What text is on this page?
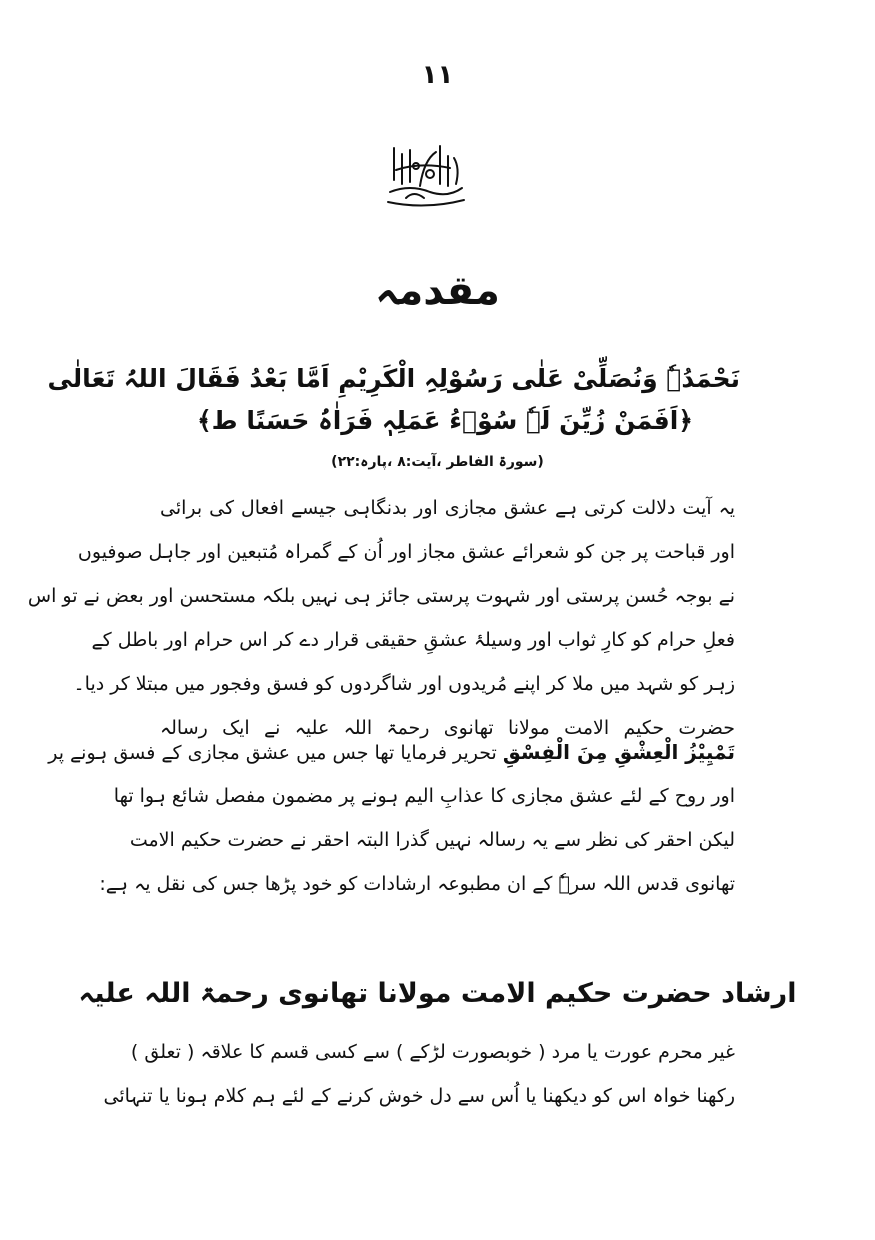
۱۱
مقدمہ
نَحْمَدُہٗ وَنُصَلِّیْ عَلٰی رَسُوْلِہِ الْکَرِیْمِ اَمَّا بَعْدُ فَقَالَ اللہُ تَعَالٰی
﴿اَفَمَنْ زُیِّنَ لَہٗ سُوْۗءُ عَمَلِہٖ فَرَاٰہُ حَسَنًا ط﴾
(سورۃ الفاطر ،آیت:۸ ،پارہ:۲۲)
یہ آیت دلالت کرتی ہے عشق مجازی اور بدنگاہی جیسے افعال کی برائی
اور قباحت پر جن کو شعرائے عشق مجاز اور اُن کے گمراہ مُتبعین اور جاہل صوفیوں
نے بوجہ حُسن پرستی اور شہوت پرستی جائز ہی نہیں بلکہ مستحسن اور بعض نے تو اس
فعلِ حرام کو کارِ ثواب اور وسیلۂ عشقِ حقیقی قرار دے کر اس حرام اور باطل کے
زہر کو شہد میں ملا کر اپنے مُریدوں اور شاگردوں کو فسق وفجور میں مبتلا کر دیا۔
حضرت حکیم الامت مولانا تھانوی رحمۃ اللہ علیہ نے ایک رسالہ
تَمْیِیْزُ الْعِشْقِ مِنَ الْفِسْقِ تحریر فرمایا تھا جس میں عشق مجازی کے فسق ہونے پر
اور روح کے لئے عشق مجازی کا عذابِ الیم ہونے پر مضمون مفصل شائع ہوا تھا
لیکن احقر کی نظر سے یہ رسالہ نہیں گذرا البتہ احقر نے حضرت حکیم الامت
تھانوی قدس اللہ سرہٗ کے ان مطبوعہ ارشادات کو خود پڑھا جس کی نقل یہ ہے:
ارشاد حضرت حکیم الامت مولانا تھانوی رحمۃ اللہ علیہ
غیر محرم عورت یا مرد ( خوبصورت لڑکے ) سے کسی قسم کا علاقہ ( تعلق )
رکھنا خواہ اس کو دیکھنا یا اُس سے دل خوش کرنے کے لئے ہم کلام ہونا یا تنہائی
